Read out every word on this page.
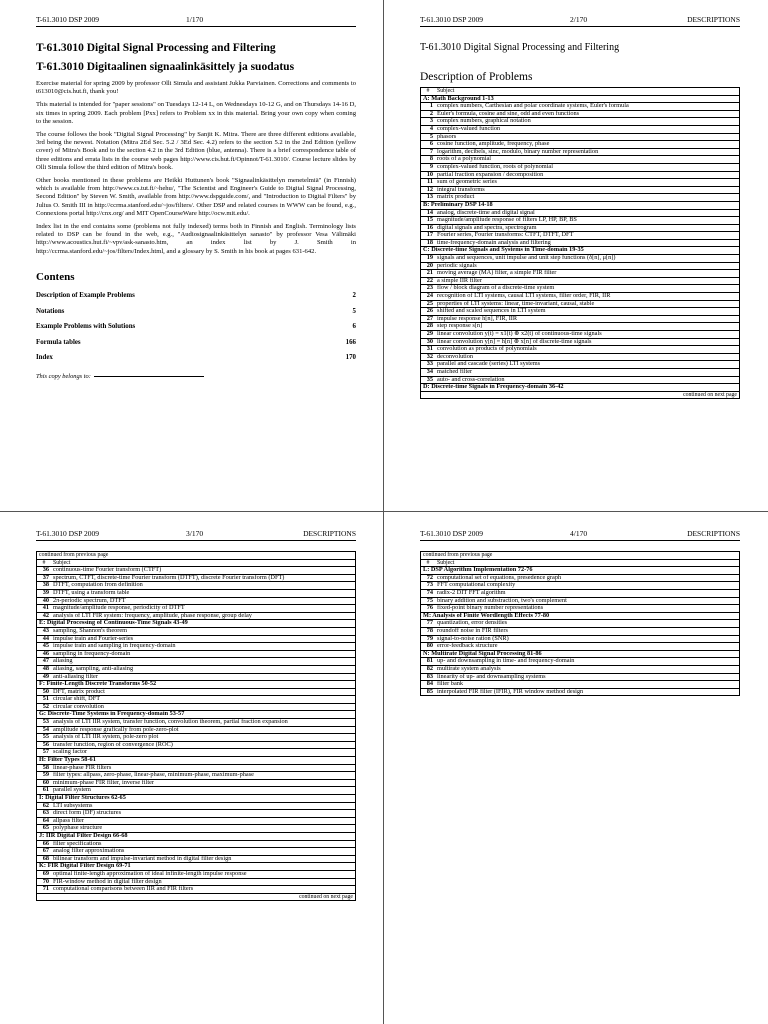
T-61.3010 DSP 2009	1/170

T-61.3010 Digital Signal Processing and Filtering

T-61.3010 Digitaalinen signaalinkäsittely ja suodatus

Exercise material for spring 2009 by professor Olli Simula and assistant Jukka Parviainen. Corrections and comments to t613010@cis.hut.fi, thank you!

This material is intended for "paper sessions" on Tuesdays 12-14 L, on Wednesdays 10-12 G, and on Thursdays 14-16 D, six times in spring 2009. Each problem [Pxx] refers to Problem xx in this material. Bring your own copy when coming to the session.

The course follows the book "Digital Signal Processing" by Sanjit K. Mitra. There are three different editions available, 3rd being the newest. Notation (Mitra 2Ed Sec. 5.2 / 3Ed Sec. 4.2) refers to the section 5.2 in the 2nd Edition (yellow cover) of Mitra's Book and to the section 4.2 in the 3rd Edition (blue, antenna). There is a brief correspondence table of three editions and errata lists in the course web pages http://www.cis.hut.fi/Opinnot/T-61.3010/. Course lecture slides by Olli Simula follow the third edition of Mitra's book.

Other books mentioned in these problems are Heikki Huttunen's book "Signaalinkäsittelyn menetelmiä" (in Finnish) which is available from http://www.cs.tut.fi/~hehu/, "The Scientist and Engineer's Guide to Digital Signal Processing, Second Edition" by Steven W. Smith, available from http://www.dspguide.com/, and "Introduction to Digital Filters" by Julius O. Smith III in http://ccrma.stanford.edu/~jos/filters/. Other DSP and related courses in WWW can be found, e.g., Connexions portal http://cnx.org/ and MIT OpenCourseWare http://ocw.mit.edu/.

Index list in the end contains some (problems not fully indexed) terms both in Finnish and English. Terminology lists related to DSP can be found in the web, e.g., "Audiosignaalinkäsittelyn sanasto" by professor Vesa Välimäki http://www.acoustics.hut.fi/~vpv/ask-sanasto.htm, an index list by J. Smith in http://ccrma.stanford.edu/~jos/filters/Index.html, and a glossary by S. Smith in his book at pages 631-642.

Contens

Description of Example Problems	2
Notations	5
Example Problems with Solutions	6
Formula tables	166
Index	170
This copy belongs to:
T-61.3010 DSP 2009	2/170	DESCRIPTIONS

T-61.3010 Digital Signal Processing and Filtering

Description of Problems

#	Subject
A: Math Background 1-13	
1	complex numbers, Carthesian and polar coordinate systems, Euler's formula
2	Euler's formula, cosine and sine, odd and even functions
3	complex numbers, graphical notation
4	complex-valued function
5	phasors
6	cosine function, amplitude, frequency, phase
7	logarithm, decibels, sinc, modulo, binary number representation
8	roots of a polynomial
9	complex-valued function, roots of polynomial
10	partial fraction expansion / decomposition
11	sum of geometric series
12	integral transforms
13	matrix product
B: Preliminary DSP 14-18	
14	analog, discrete-time and digital signal
15	magnitude/amplitude response of filters LP, HP, BP, BS
16	digital signals and spectra, spectrogram
17	Fourier series, Fourier transforms: CTFT, DTFT, DFT
18	time-frequency-domain analysis and filtering
C: Discrete-time Signals and Systems in Time-domain 19-35	
19	signals and sequences, unit impulse and unit step functions (δ[n], μ[n])
20	periodic signals
21	moving average (MA) filter, a simple FIR filter
22	a simple IIR filter
23	flow / block diagram of a discrete-time system
24	recognition of LTI systems, causal LTI systems, filter order, FIR, IIR
25	properties of LTI systems: linear, time-invariant, causal, stable
26	shifted and scaled sequences in LTI system
27	impulse response h[n], FIR, IIR
28	step response s[n]
29	linear convolution y(t) = x1(t) ⊛ x2(t) of continuous-time signals
30	linear convolution y[n] = h[n] ⊛ x[n] of discrete-time signals
31	convolution as products of polynomials
32	deconvolution
33	parallel and cascade (series) LTI systems
34	matched filter
35	auto- and cross-correlation
D: Discrete-time Signals in Frequency-domain 36-42	
continued on next page	
T-61.3010 DSP 2009	3/170	DESCRIPTIONS
continued from previous page	
#	Subject
36	continuous-time Fourier transform (CTFT)
37	spectrum, CTFT, discrete-time Fourier transform (DTFT), discrete Fourier transform (DFT)
38	DTFT, computation from definition
39	DTFT, using a transform table
40	2π-periodic spectrum, DTFT
41	magnitude/amplitude response, periodicity of DTFT
42	analysis of LTI FIR system: frequency, amplitude, phase response, group delay
E: Digital Processing of Continuous-Time Signals 43-49	
43	sampling, Shannon's theorem
44	impulse train and Fourier-series
45	impulse train and sampling in frequency-domain
46	sampling in frequency-domain
47	aliasing
48	aliasing, sampling, anti-aliasing
49	anti-aliasing filter
F: Finite-Length Discrete Transforms 50-52	
50	DFT, matrix product
51	circular shift, DFT
52	circular convolution
G: Discrete-Time Systems in Frequency-domain 53-57	
53	analysis of LTI IIR system, transfer function, convolution theorem, partial fraction expansion
54	amplitude response grafically from pole-zero-plot
55	analysis of LTI IIR system, pole-zero plot
56	transfer function, region of convergence (ROC)
57	scaling factor
H: Filter Types 58-61	
58	linear-phase FIR filters
59	filter types: allpass, zero-phase, linear-phase, minimum-phase, maximum-phase
60	minimum-phase FIR filter, inverse filter
61	parallel system
I: Digital Filter Structures 62-65	
62	LTI subsystems
63	direct form (DF) structures
64	allpass filter
65	polyphase structure
J: IIR Digital Filter Design 66-68	
66	filter specifications
67	analog filter approximations
68	bilinear transform and impulse-invariant method in digital filter design
K: FIR Digital Filter Design 69-71	
69	optimal finite-length approximation of ideal infinite-length impulse response
70	FIR-window method in digital filter design
71	computational comparisons between IIR and FIR filters
continued on next page	
T-61.3010 DSP 2009	4/170	DESCRIPTIONS
continued from previous page	
#	Subject
L: DSP Algorithm Implementation 72-76	
72	computational set of equations, presedence graph
73	FFT computational complexity
74	radix-2 DIT FFT algorithm
75	binary addition and substraction, two's complement
76	fixed-point binary number representations
M: Analysis of Finite Wordlength Effects 77-80	
77	quantization, error densities
78	roundoff noise in FIR filters
79	signal-to-noise ration (SNR)
80	error-feedback structure
N: Multirate Digital Signal Processing 81-86	
81	up- and downsampling in time- and frequency-domain
82	multirate system analysis
83	linearity of up- and downsampling systems
84	filter bank
85	interpolated FIR filter (IFIR), FIR window method design
